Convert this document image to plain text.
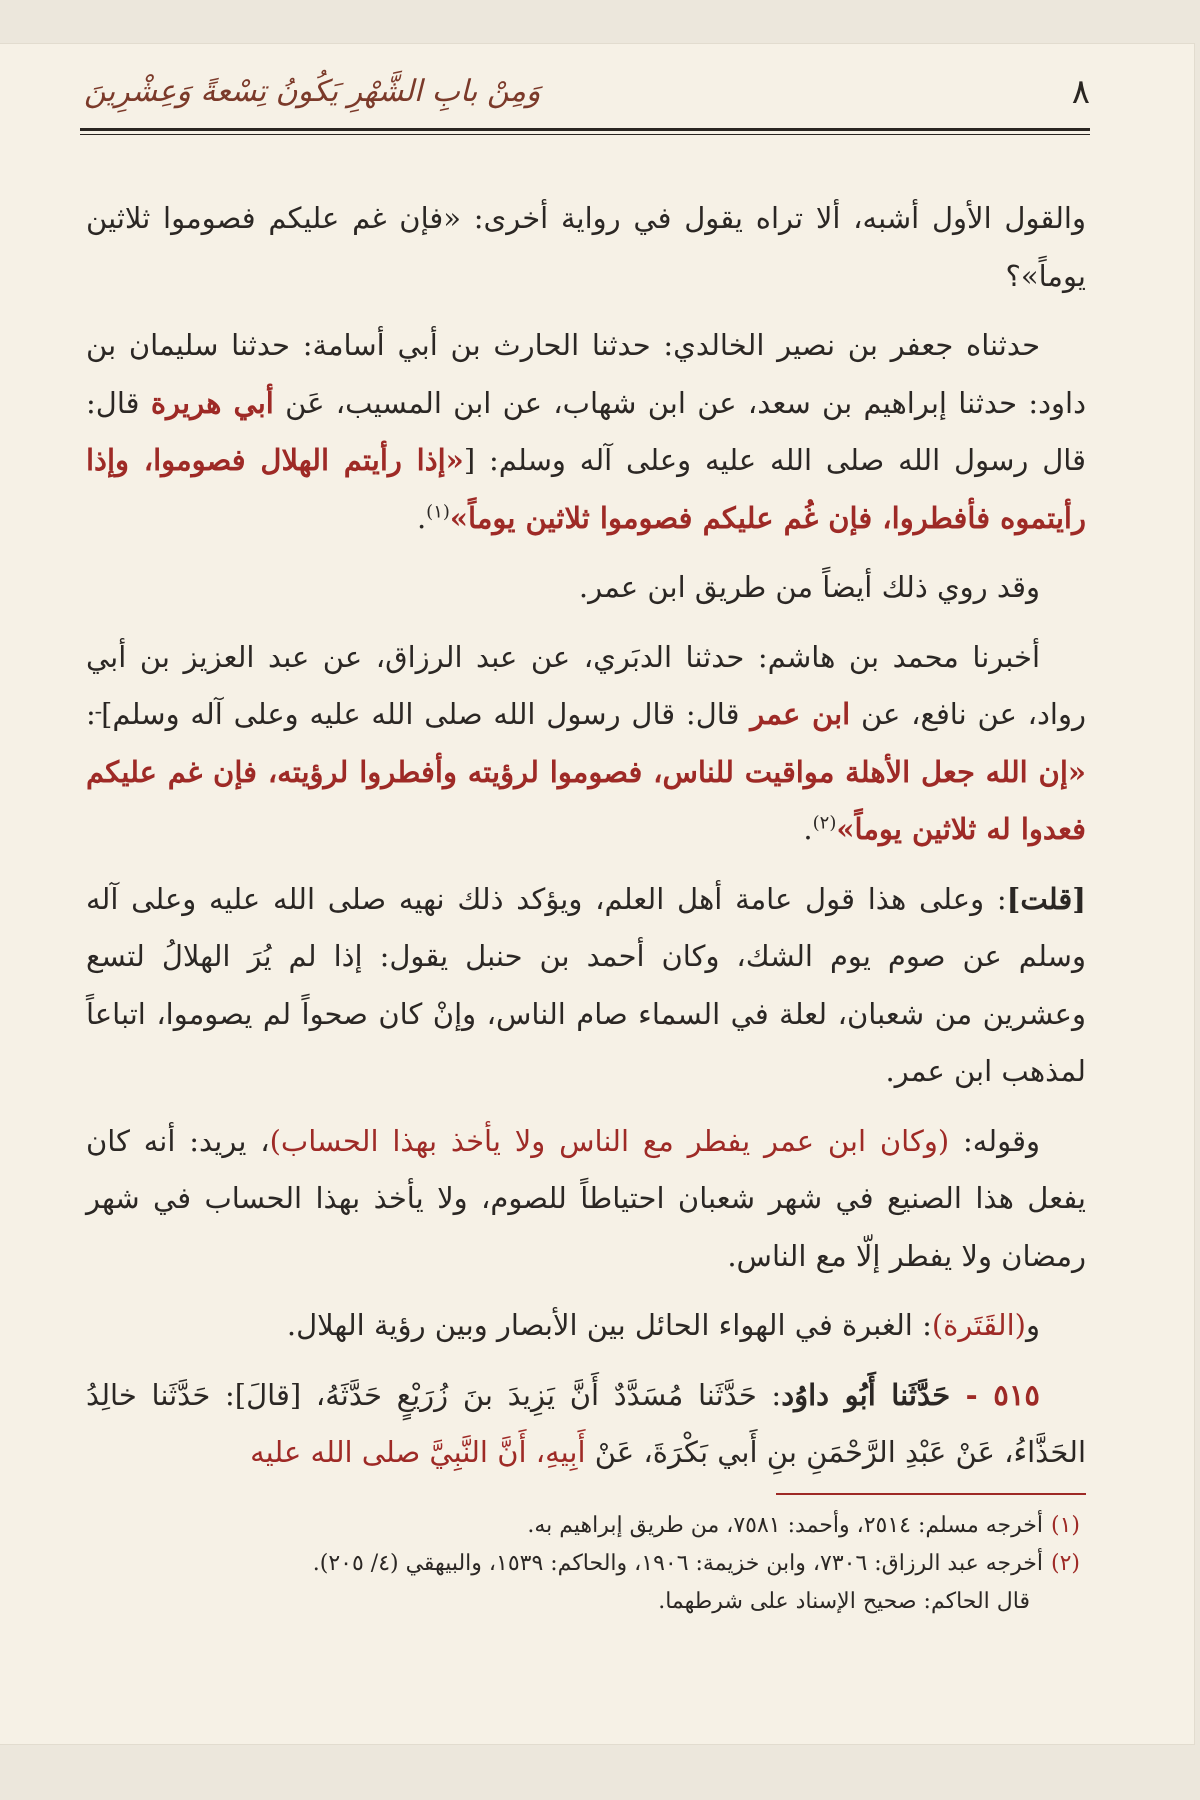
٨
وَمِنْ بابِ الشَّهْرِ يَكُونُ تِسْعةً وَعِشْرِينَ

والقول الأول أشبه، ألا تراه يقول في رواية أخرى: «فإن غم عليكم فصوموا ثلاثين يوماً»؟

حدثناه جعفر بن نصير الخالدي: حدثنا الحارث بن أبي أسامة: حدثنا سليمان بن داود: حدثنا إبراهيم بن سعد، عن ابن شهاب، عن ابن المسيب، عَن أبي هريرة قال: قال رسول الله صلى الله عليه وعلى آله وسلم: [«إذا رأيتم الهلال فصوموا، وإذا رأيتموه فأفطروا، فإن غُم عليكم فصوموا ثلاثين يوماً»$^{(١)}$.

وقد روي ذلك أيضاً من طريق ابن عمر.

أخبرنا محمد بن هاشم: حدثنا الدبَري، عن عبد الرزاق، عن عبد العزيز بن أبي رواد، عن نافع، عن ابن عمر قال: قال رسول الله صلى الله عليه وعلى آله وسلم]$^ـ$: «إن الله جعل الأهلة مواقيت للناس، فصوموا لرؤيته وأفطروا لرؤيته، فإن غم عليكم فعدوا له ثلاثين يوماً»$^{(٢)}$.

[قلت]: وعلى هذا قول عامة أهل العلم، ويؤكد ذلك نهيه صلى الله عليه وعلى آله وسلم عن صوم يوم الشك، وكان أحمد بن حنبل يقول: إذا لم يُرَ الهلالُ لتسع وعشرين من شعبان، لعلة في السماء صام الناس، وإنْ كان صحواً لم يصوموا، اتباعاً لمذهب ابن عمر.

وقوله: (وكان ابن عمر يفطر مع الناس ولا يأخذ بهذا الحساب)، يريد: أنه كان يفعل هذا الصنيع في شهر شعبان احتياطاً للصوم، ولا يأخذ بهذا الحساب في شهر رمضان ولا يفطر إلّا مع الناس.

و(القَتَرة): الغبرة في الهواء الحائل بين الأبصار وبين رؤية الهلال.

٥١٥ - حَدَّثَنا أَبُو داوُد: حَدَّثَنا مُسَدَّدٌ أَنَّ يَزِيدَ بنَ زُرَيْعٍ حَدَّثَهُ، [قالَ]: حَدَّثَنا خالِدُ الحَذَّاءُ، عَنْ عَبْدِ الرَّحْمَنِ بنِ أَبي بَكْرَةَ، عَنْ أَبِيهِ، أَنَّ النَّبِيَّ صلى الله عليه

(١)أخرجه مسلم: ٢٥١٤، وأحمد: ٧٥٨١، من طريق إبراهيم به.

(٢)أخرجه عبد الرزاق: ٧٣٠٦، وابن خزيمة: ١٩٠٦، والحاكم: ١٥٣٩، والبيهقي (٤/ ٢٠٥).

قال الحاكم: صحيح الإسناد على شرطهما.
